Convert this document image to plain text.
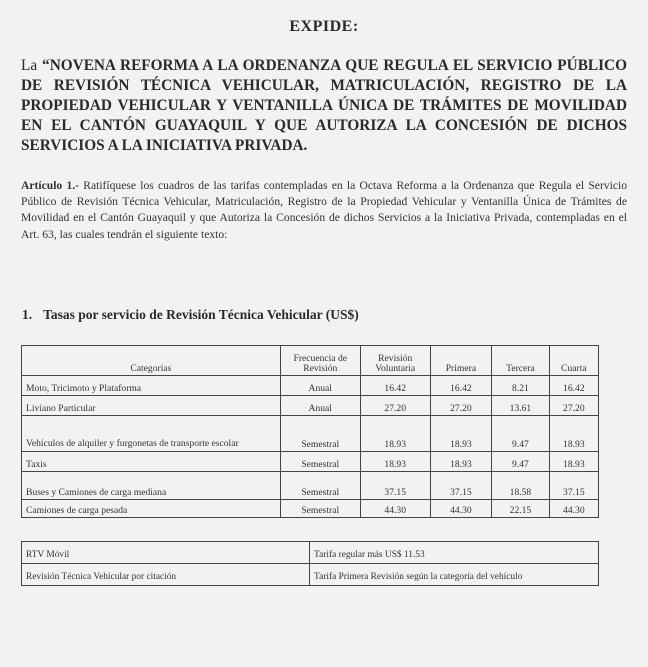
EXPIDE:
La “NOVENA REFORMA A LA ORDENANZA QUE REGULA EL SERVICIO PÚBLICO DE REVISIÓN TÉCNICA VEHICULAR, MATRICULACIÓN, REGISTRO DE LA PROPIEDAD VEHICULAR Y VENTANILLA ÚNICA DE TRÁMITES DE MOVILIDAD EN EL CANTÓN GUAYAQUIL Y QUE AUTORIZA LA CONCESIÓN DE DICHOS SERVICIOS A LA INICIATIVA PRIVADA.
Artículo 1.- Ratifíquese los cuadros de las tarifas contempladas en la Octava Reforma a la Ordenanza que Regula el Servicio Público de Revisión Técnica Vehicular, Matriculación, Registro de la Propiedad Vehicular y Ventanilla Única de Trámites de Movilidad en el Cantón Guayaquil y que Autoriza la Concesión de dichos Servicios a la Iniciativa Privada, contempladas en el Art. 63, las cuales tendrán el siguiente texto:
1. Tasas por servicio de Revisión Técnica Vehicular (US$)
Categorías	Frecuencia de Revisión	Revisión Voluntaria	Primera	Tercera	Cuarta
Moto, Tricimoto y Plataforma	Anual	16.42	16.42	8.21	16.42
Liviano Particular	Anual	27.20	27.20	13.61	27.20
Vehículos de alquiler y furgonetas de transporte escolar	Semestral	18.93	18.93	9.47	18.93
Taxis	Semestral	18.93	18.93	9.47	18.93
Buses y Camiones de carga mediana	Semestral	37.15	37.15	18.58	37.15
Camiones de carga pesada	Semestral	44.30	44.30	22.15	44.30
RTV Móvil	Tarifa regular más US$ 11.53
Revisión Técnica Vehicular por citación	Tarifa Primera Revisión según la categoría del vehículo
